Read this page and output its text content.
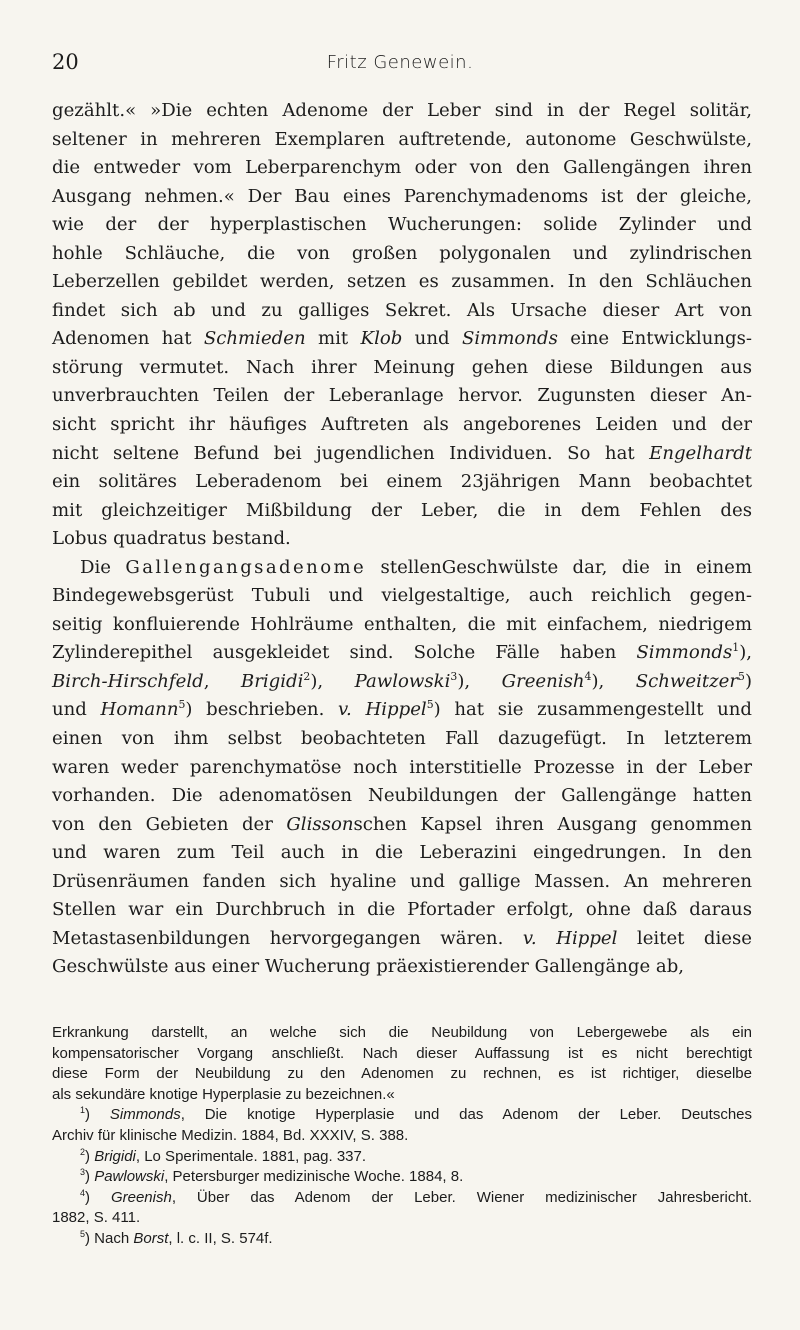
20	Fritz Genewein.

gezählt.« »Die echten Adenome der Leber sind in der Regel solitär,

seltener in mehreren Exemplaren auftretende, autonome Geschwülste,

die entweder vom Leberparenchym oder von den Gallengängen ihren

Ausgang nehmen.« Der Bau eines Parenchymadenoms ist der gleiche,

wie der der hyperplastischen Wucherungen: solide Zylinder und

hohle Schläuche, die von großen polygonalen und zylindrischen

Leberzellen gebildet werden, setzen es zusammen. In den Schläuchen

findet sich ab und zu galliges Sekret. Als Ursache dieser Art von

Adenomen hat Schmieden mit Klob und Simmonds eine Entwicklungs-

störung vermutet. Nach ihrer Meinung gehen diese Bildungen aus

unverbrauchten Teilen der Leberanlage hervor. Zugunsten dieser An-

sicht spricht ihr häufiges Auftreten als angeborenes Leiden und der

nicht seltene Befund bei jugendlichen Individuen. So hat Engelhardt

ein solitäres Leberadenom bei einem 23jährigen Mann beobachtet

mit gleichzeitiger Mißbildung der Leber, die in dem Fehlen des

Lobus quadratus bestand.

Die Gallengangsadenome stellenGeschwülste dar, die in einem

Bindegewebsgerüst Tubuli und vielgestaltige, auch reichlich gegen-

seitig konfluierende Hohlräume enthalten, die mit einfachem, niedrigem

Zylinderepithel ausgekleidet sind. Solche Fälle haben Simmonds$^1$),

Birch-Hirschfeld, Brigidi$^2$), Pawlowski$^3$), Greenish$^4$), Schweitzer$^5$)

und Homann$^5$) beschrieben. v. Hippel$^5$) hat sie zusammengestellt und

einen von ihm selbst beobachteten Fall dazugefügt. In letzterem

waren weder parenchymatöse noch interstitielle Prozesse in der Leber

vorhanden. Die adenomatösen Neubildungen der Gallengänge hatten

von den Gebieten der Glissonschen Kapsel ihren Ausgang genommen

und waren zum Teil auch in die Leberazini eingedrungen. In den

Drüsenräumen fanden sich hyaline und gallige Massen. An mehreren

Stellen war ein Durchbruch in die Pfortader erfolgt, ohne daß daraus

Metastasenbildungen hervorgegangen wären. v. Hippel leitet diese

Geschwülste aus einer Wucherung präexistierender Gallengänge ab,

Erkrankung darstellt, an welche sich die Neubildung von Lebergewebe als ein

kompensatorischer Vorgang anschließt. Nach dieser Auffassung ist es nicht berechtigt

diese Form der Neubildung zu den Adenomen zu rechnen, es ist richtiger, dieselbe

als sekundäre knotige Hyperplasie zu bezeichnen.«

$^1$) Simmonds, Die knotige Hyperplasie und das Adenom der Leber. Deutsches

Archiv für klinische Medizin. 1884, Bd. XXXIV, S. 388.

$^2$) Brigidi, Lo Sperimentale. 1881, pag. 337.

$^3$) Pawlowski, Petersburger medizinische Woche. 1884, 8.

$^4$) Greenish, Über das Adenom der Leber. Wiener medizinischer Jahresbericht.

1882, S. 411.

$^5$) Nach Borst, l. c. II, S. 574f.
